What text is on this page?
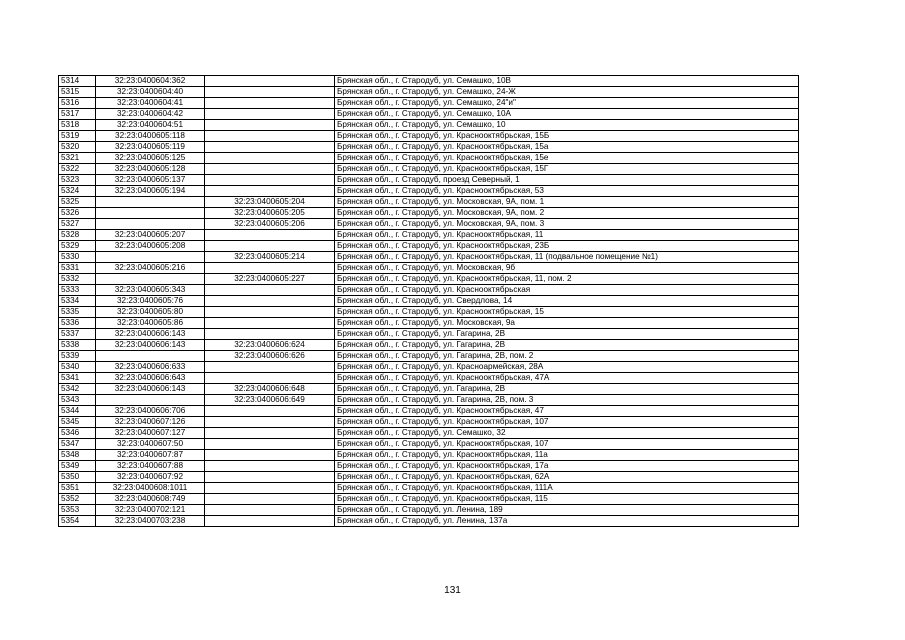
5314	32:23:0400604:362		Брянская обл., г. Стародуб, ул. Семашко, 10В
5315	32:23:0400604:40		Брянская обл., г. Стародуб, ул. Семашко, 24-Ж
5316	32:23:0400604:41		Брянская обл., г. Стародуб, ул. Семашко, 24"и"
5317	32:23:0400604:42		Брянская обл., г. Стародуб, ул. Семашко, 10А
5318	32:23:0400604:51		Брянская обл., г. Стародуб, ул. Семашко, 10
5319	32:23:0400605:118		Брянская обл., г. Стародуб, ул. Краснооктябрьская, 15Б
5320	32:23:0400605:119		Брянская обл., г. Стародуб, ул. Краснооктябрьская, 15а
5321	32:23:0400605:125		Брянская обл., г. Стародуб, ул. Краснооктябрьская, 15е
5322	32:23:0400605:128		Брянская обл., г. Стародуб, ул. Краснооктябрьская, 15Г
5323	32:23:0400605:137		Брянская обл., г. Стародуб, проезд Северный, 1
5324	32:23:0400605:194		Брянская обл., г. Стародуб, ул. Краснооктябрьская, 53
5325		32:23:0400605:204	Брянская обл., г. Стародуб, ул. Московская, 9А, пом. 1
5326		32:23:0400605:205	Брянская обл., г. Стародуб, ул. Московская, 9А, пом. 2
5327		32:23:0400605:206	Брянская обл., г. Стародуб, ул. Московская, 9А, пом. 3
5328	32:23:0400605:207		Брянская обл., г. Стародуб, ул. Краснооктябрьская, 11
5329	32:23:0400605:208		Брянская обл., г. Стародуб, ул. Краснооктябрьская, 23Б
5330		32:23:0400605:214	Брянская обл., г. Стародуб, ул. Краснооктябрьская, 11 (подвальное помещение №1)
5331	32:23:0400605:216		Брянская обл., г. Стародуб, ул. Московская, 9б
5332		32:23:0400605:227	Брянская обл., г. Стародуб, ул. Краснооктябрьская, 11, пом. 2
5333	32:23:0400605:343		Брянская обл., г. Стародуб, ул. Краснооктябрьская
5334	32:23:0400605:76		Брянская обл., г. Стародуб, ул. Свердлова, 14
5335	32:23:0400605:80		Брянская обл., г. Стародуб, ул. Краснооктябрьская, 15
5336	32:23:0400605:86		Брянская обл., г. Стародуб, ул. Московская, 9а
5337	32:23:0400606:143		Брянская обл., г. Стародуб, ул. Гагарина, 2В
5338	32:23:0400606:143	32:23:0400606:624	Брянская обл., г. Стародуб, ул. Гагарина, 2В
5339		32:23:0400606:626	Брянская обл., г. Стародуб, ул. Гагарина, 2В, пом. 2
5340	32:23:0400606:633		Брянская обл., г. Стародуб, ул. Красноармейская, 28А
5341	32:23:0400606:643		Брянская обл., г. Стародуб, ул. Краснооктябрьская, 47А
5342	32:23:0400606:143	32:23:0400606:648	Брянская обл., г. Стародуб, ул. Гагарина, 2В
5343		32:23:0400606:649	Брянская обл., г. Стародуб, ул. Гагарина, 2В, пом. 3
5344	32:23:0400606:706		Брянская обл., г. Стародуб, ул. Краснооктябрьская, 47
5345	32:23:0400607:126		Брянская обл., г. Стародуб, ул. Краснооктябрьская, 107
5346	32:23:0400607:127		Брянская обл., г. Стародуб, ул. Семашко, 32
5347	32:23:0400607:50		Брянская обл., г. Стародуб, ул. Краснооктябрьская, 107
5348	32:23:0400607:87		Брянская обл., г. Стародуб, ул. Краснооктябрьская, 11а
5349	32:23:0400607:88		Брянская обл., г. Стародуб, ул. Краснооктябрьская, 17а
5350	32:23:0400607:92		Брянская обл., г. Стародуб, ул. Краснооктябрьская, 62А
5351	32:23:0400608:1011		Брянская обл., г. Стародуб, ул. Краснооктябрьская, 111А
5352	32:23:0400608:749		Брянская обл., г. Стародуб, ул. Краснооктябрьская, 115
5353	32:23:0400702:121		Брянская обл., г. Стародуб, ул. Ленина, 189
5354	32:23:0400703:238		Брянская обл., г. Стародуб, ул. Ленина, 137а
131
